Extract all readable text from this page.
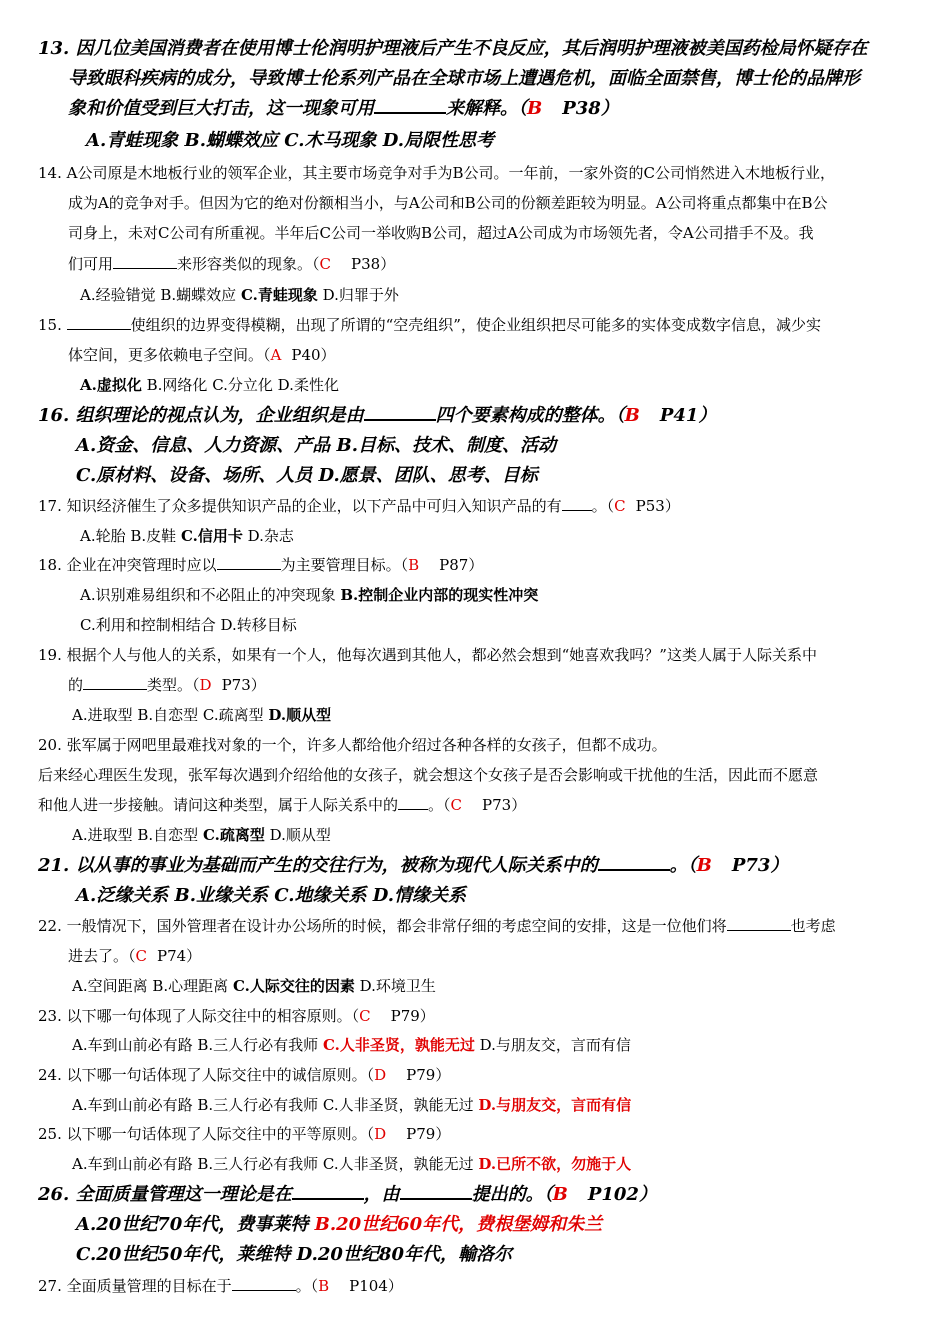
13. 因几位美国消费者在使用博士伦润明护理液后产生不良反应，其后润明护理液被美国药检局怀疑存在
导致眼科疾病的成分，导致博士伦系列产品在全球市场上遭遇危机，面临全面禁售，博士伦的品牌形
象和价值受到巨大打击，这一现象可用	来解释。（B P38）
A.青蛙现象 B.蝴蝶效应 C.木马现象 D.局限性思考
14. A公司原是木地板行业的领军企业，其主要市场竞争对手为B公司。一年前，一家外资的C公司悄然进入木地板行业，
成为A的竞争对手。但因为它的绝对份额相当小，与A公司和B公司的份额差距较为明显。A公司将重点都集中在B公
司身上，未对C公司有所重视。半年后C公司一举收购B公司，超过A公司成为市场领先者，令A公司措手不及。我
们可用	来形容类似的现象。（C P38）
A.经验错觉 B.蝴蝶效应 C.青蛙现象 D.归罪于外
15.	使组织的边界变得模糊，出现了所谓的“空壳组织”，使企业组织把尽可能多的实体变成数字信息，减少实
体空间，更多依赖电子空间。（A P40）
A.虚拟化 B.网络化 C.分立化 D.柔性化
16. 组织理论的视点认为，企业组织是由	四个要素构成的整体。（B P41）
A.资金、信息、人力资源、产品 B.目标、技术、制度、活动
C.原材料、设备、场所、人员 D.愿景、团队、思考、目标
17. 知识经济催生了众多提供知识产品的企业，以下产品中可归入知识产品的有 。（C P53）
A.轮胎 B.皮鞋 C.信用卡 D.杂志
18. 企业在冲突管理时应以	为主要管理目标。（B P87）
A.识别难易组织和不必阻止的冲突现象 B.控制企业内部的现实性冲突
C.利用和控制相结合 D.转移目标
19. 根据个人与他人的关系，如果有一个人，他每次遇到其他人，都必然会想到“她喜欢我吗？”这类人属于人际关系中
的	类型。（D P73）
A.进取型 B.自恋型 C.疏离型 D.顺从型
20. 张军属于网吧里最难找对象的一个，许多人都给他介绍过各种各样的女孩子，但都不成功。
后来经心理医生发现，张军每次遇到介绍给他的女孩子，就会想这个女孩子是否会影响或干扰他的生活，因此而不愿意
和他人进一步接触。请问这种类型，属于人际关系中的 。（C P73）
A.进取型 B.自恋型 C.疏离型 D.顺从型
21. 以从事的事业为基础而产生的交往行为，被称为现代人际关系中的	。（B P73）
A.泛缘关系 B.业缘关系 C.地缘关系 D.情缘关系
22. 一般情况下，国外管理者在设计办公场所的时候，都会非常仔细的考虑空间的安排，这是一位他们将	也考虑
进去了。（C P74）
A.空间距离 B.心理距离 C.人际交往的因素 D.环境卫生
23. 以下哪一句体现了人际交往中的相容原则。（C P79）
A.车到山前必有路 B.三人行必有我师 C.人非圣贤，孰能无过 D.与朋友交，言而有信
24. 以下哪一句话体现了人际交往中的诚信原则。（D P79）
A.车到山前必有路 B.三人行必有我师 C.人非圣贤，孰能无过 D.与朋友交，言而有信
25. 以下哪一句话体现了人际交往中的平等原则。（D P79）
A.车到山前必有路 B.三人行必有我师 C.人非圣贤，孰能无过 D.已所不欲，勿施于人
26. 全面质量管理这一理论是在	，由	提出的。（B P102）
A.20世纪70年代，费事莱特 B.20世纪60年代，费根堡姆和朱兰
C.20世纪50年代，莱维特 D.20世纪80年代，輸洛尔
27. 全面质量管理的目标在于	。（B P104）
